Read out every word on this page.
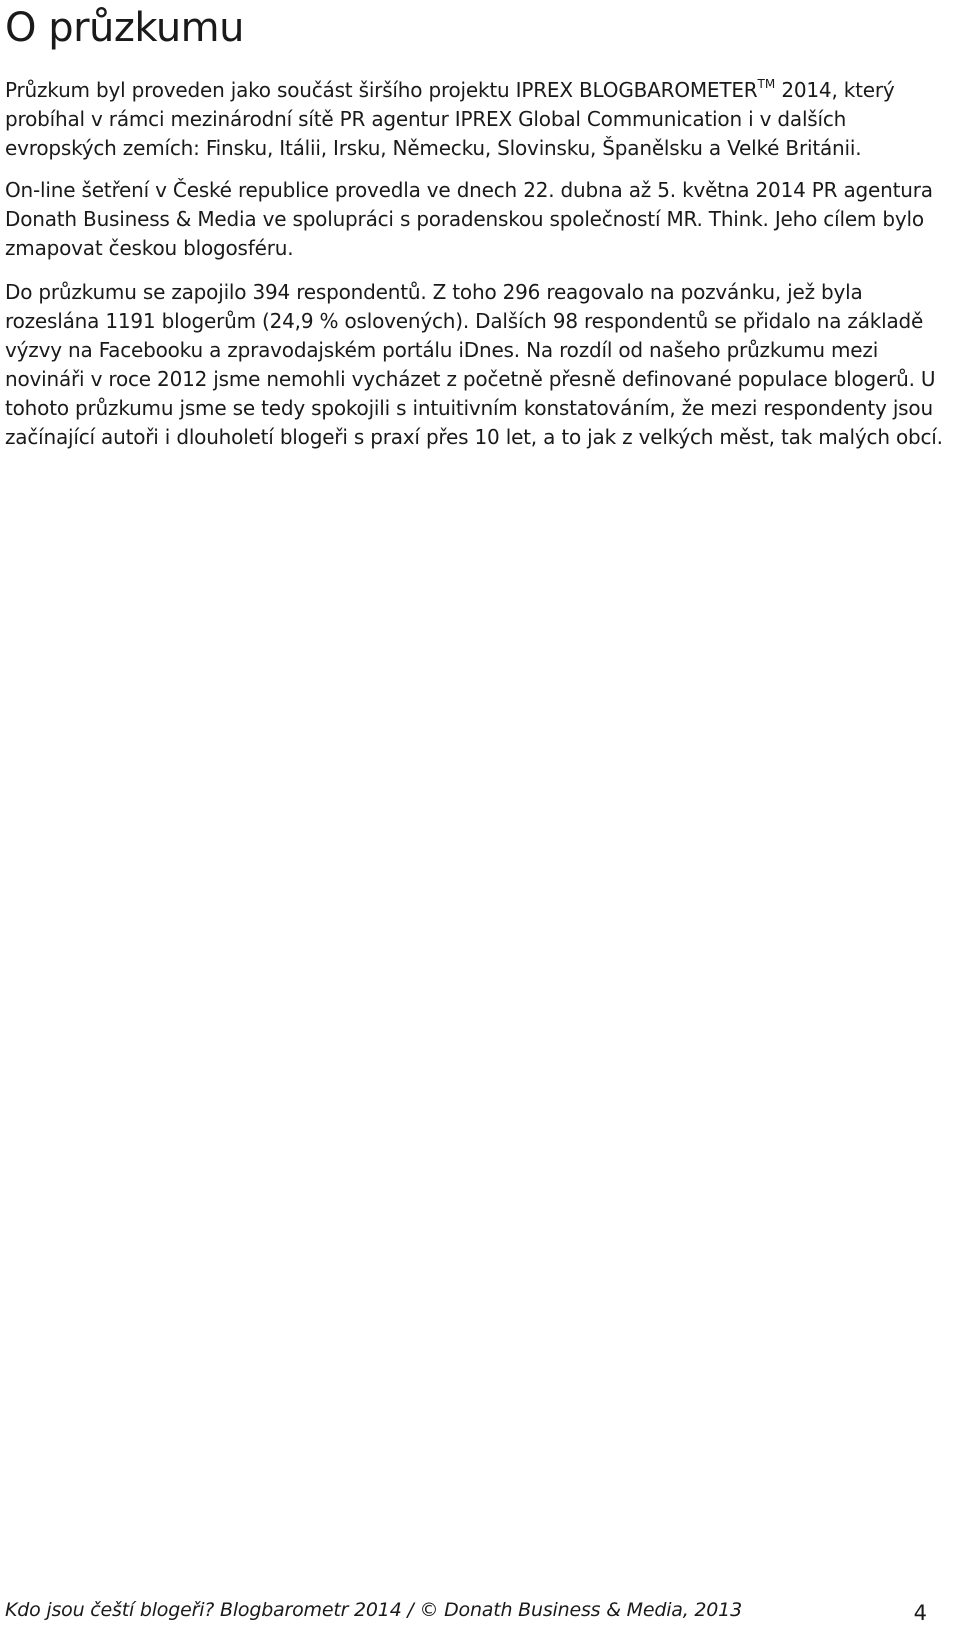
O průzkumu

Průzkum byl proveden jako součást širšího projektu IPREX BLOGBAROMETER™ 2014, který probíhal v rámci mezinárodní sítě PR agentur IPREX Global Communication i v dalších evropských zemích: Finsku, Itálii, Irsku, Německu, Slovinsku, Španělsku a Velké Británii.

On-line šetření v České republice provedla ve dnech 22. dubna až 5. května 2014 PR agentura Donath Business & Media ve spolupráci s poradenskou společností MR. Think. Jeho cílem bylo zmapovat českou blogosféru.

Do průzkumu se zapojilo 394 respondentů. Z toho 296 reagovalo na pozvánku, jež byla rozeslána 1191 blogerům (24,9 % oslovených). Dalších 98 respondentů se přidalo na základě výzvy na Facebooku a zpravodajském portálu iDnes. Na rozdíl od našeho průzkumu mezi novináři v roce 2012 jsme nemohli vycházet z početně přesně definované populace blogerů. U tohoto průzkumu jsme se tedy spokojili s intuitivním konstatováním, že mezi respondenty jsou začínající autoři i dlouholetí blogeři s praxí přes 10 let, a to jak z velkých měst, tak malých obcí.

Kdo jsou čeští blogeři? Blogbarometr 2014 / © Donath Business & Media, 2013	4
